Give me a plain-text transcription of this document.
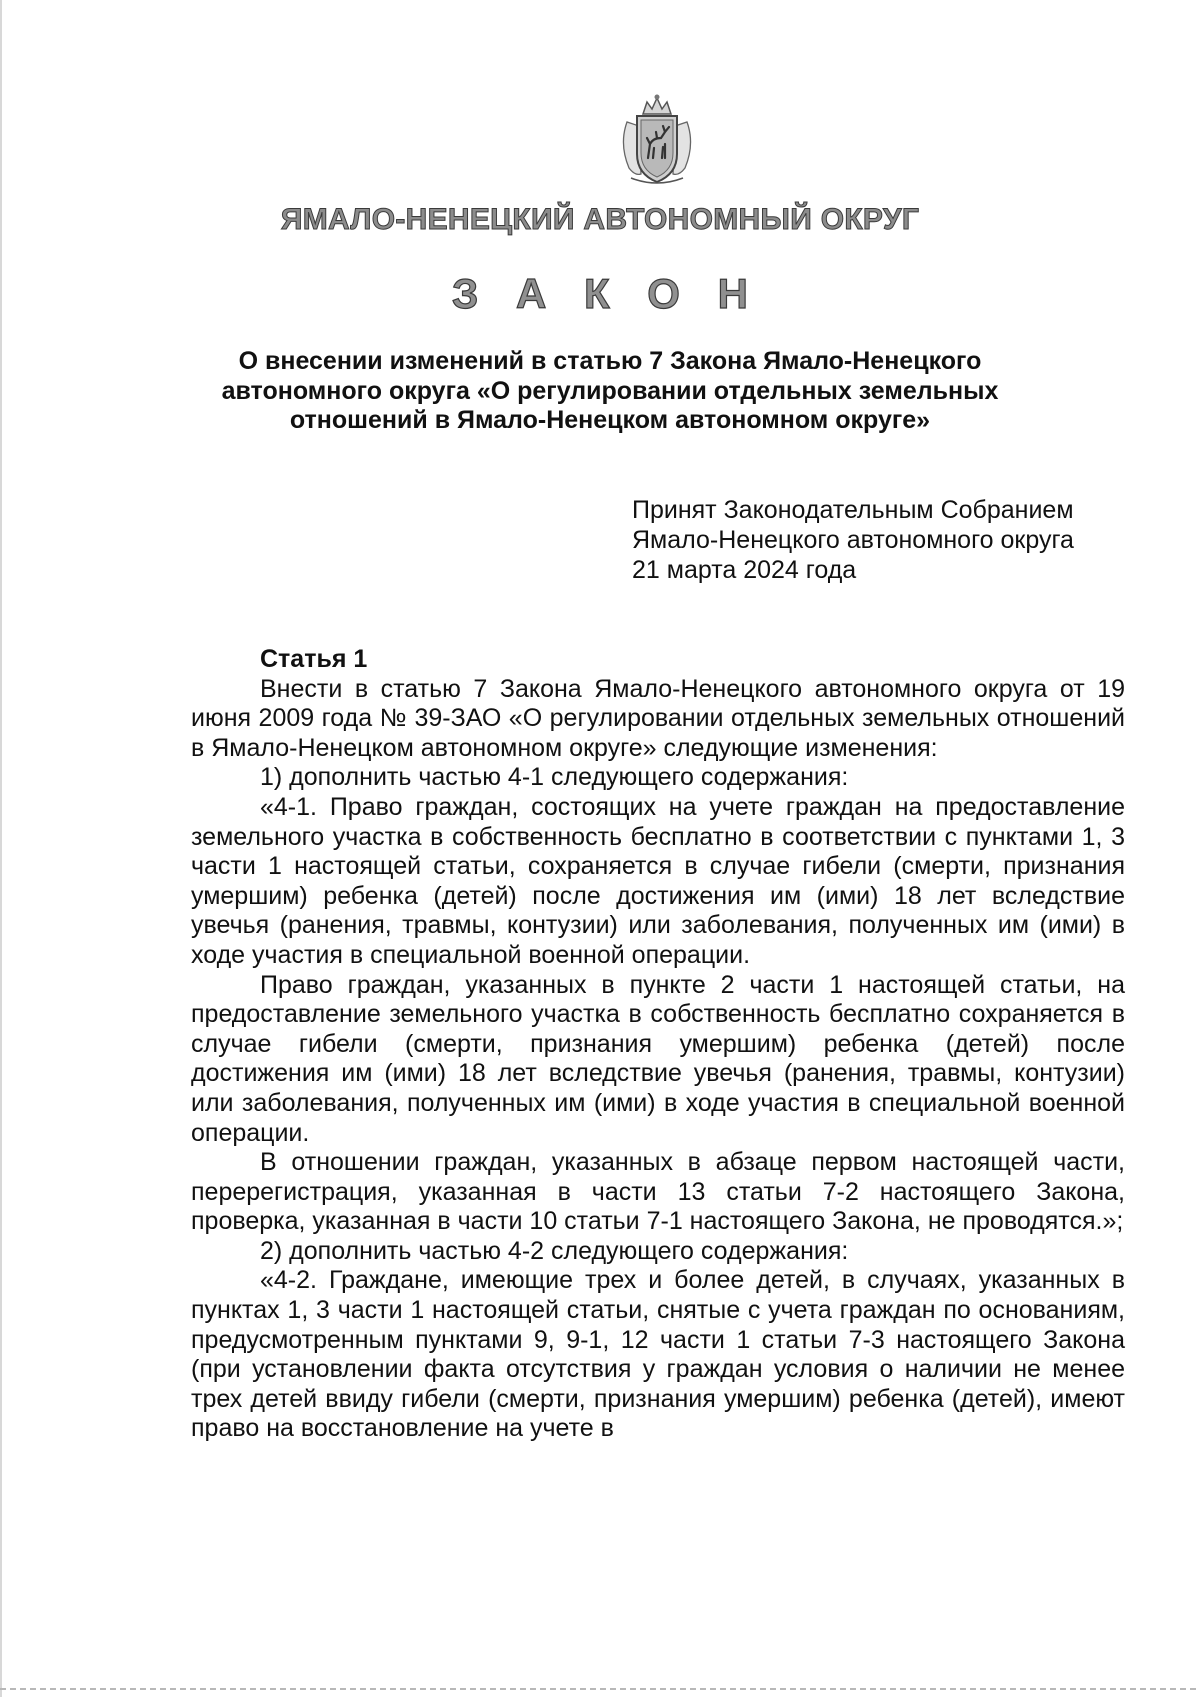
ЯМАЛО-НЕНЕЦКИЙ АВТОНОМНЫЙ ОКРУГ
З А К О Н
О внесении изменений в статью 7 Закона Ямало-Ненецкого
автономного округа «О регулировании отдельных земельных
отношений в Ямало-Ненецком автономном округе»
Принят Законодательным Собранием
Ямало-Ненецкого автономного округа
21 марта 2024 года
Статья 1

Внести в статью 7 Закона Ямало-Ненецкого автономного округа от 19 июня 2009 года № 39-ЗАО «О регулировании отдельных земельных отношений в Ямало-Ненецком автономном округе» следующие изменения:

1) дополнить частью 4-1 следующего содержания:

«4-1. Право граждан, состоящих на учете граждан на предоставление земельного участка в собственность бесплатно в соответствии с пунктами 1, 3 части 1 настоящей статьи, сохраняется в случае гибели (смерти, признания умершим) ребенка (детей) после достижения им (ими) 18 лет вследствие увечья (ранения, травмы, контузии) или заболевания, полученных им (ими) в ходе участия в специальной военной операции.

Право граждан, указанных в пункте 2 части 1 настоящей статьи, на предоставление земельного участка в собственность бесплатно сохраняется в случае гибели (смерти, признания умершим) ребенка (детей) после достижения им (ими) 18 лет вследствие увечья (ранения, травмы, контузии) или заболевания, полученных им (ими) в ходе участия в специальной военной операции.

В отношении граждан, указанных в абзаце первом настоящей части, перерегистрация, указанная в части 13 статьи 7-2 настоящего Закона, проверка, указанная в части 10 статьи 7-1 настоящего Закона, не проводятся.»;

2) дополнить частью 4-2 следующего содержания:

«4-2. Граждане, имеющие трех и более детей, в случаях, указанных в пунктах 1, 3 части 1 настоящей статьи, снятые с учета граждан по основаниям, предусмотренным пунктами 9, 9-1, 12 части 1 статьи 7-3 настоящего Закона (при установлении факта отсутствия у граждан условия о наличии не менее трех детей ввиду гибели (смерти, признания умершим) ребенка (детей), имеют право на восстановление на учете в
